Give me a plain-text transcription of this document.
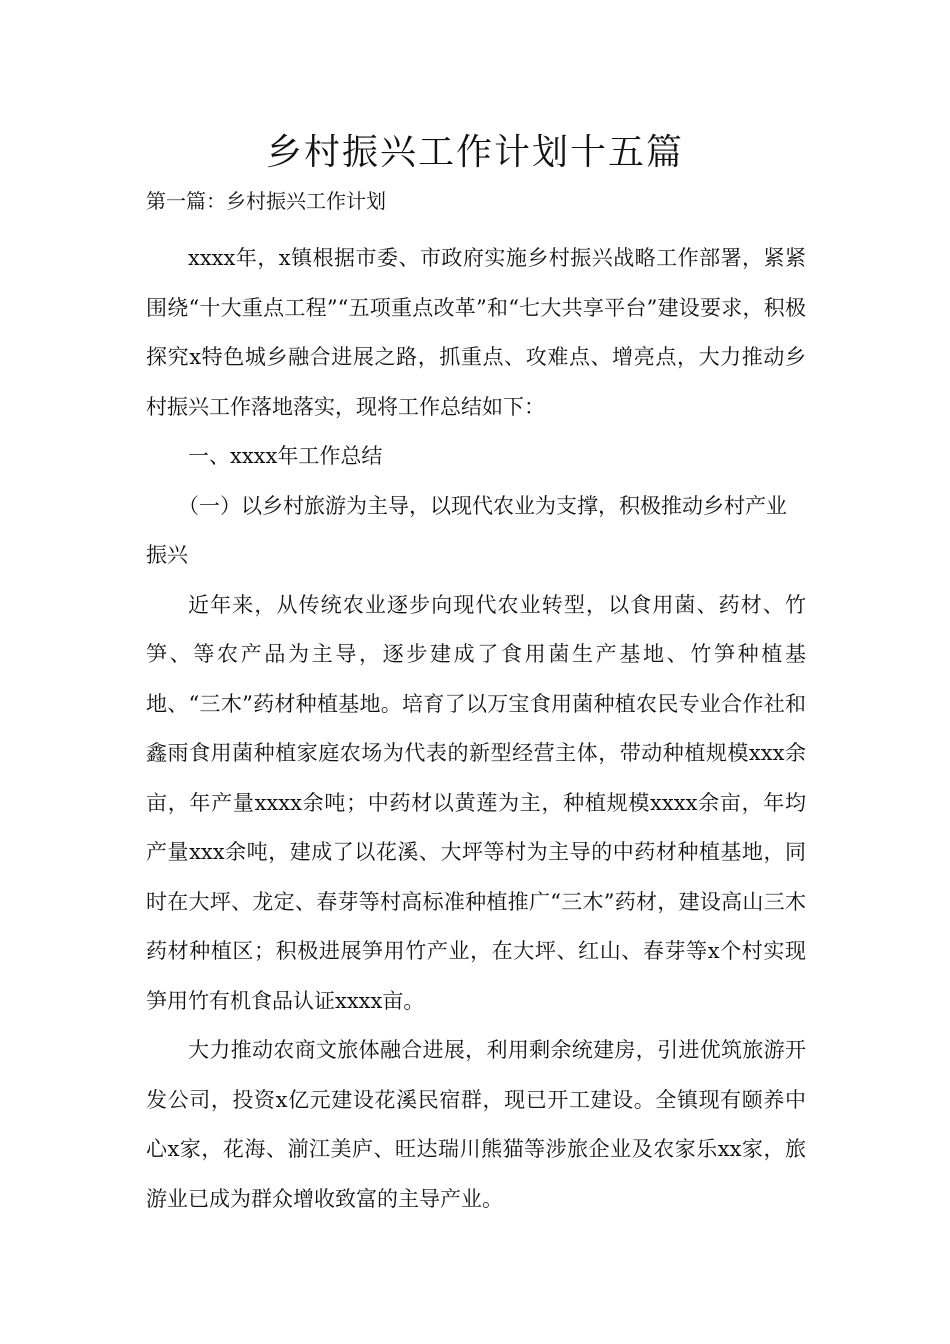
乡村振兴工作计划十五篇

第一篇：乡村振兴工作计划

xxxx年，x镇根据市委、市政府实施乡村振兴战略工作部署，紧紧围绕“十大重点工程”“五项重点改革”和“七大共享平台”建设要求，积极探究x特色城乡融合进展之路，抓重点、攻难点、增亮点，大力推动乡村振兴工作落地落实，现将工作总结如下：

一、xxxx年工作总结

（一）以乡村旅游为主导，以现代农业为支撑，积极推动乡村产业振兴

近年来，从传统农业逐步向现代农业转型，以食用菌、药材、竹笋、等农产品为主导，逐步建成了食用菌生产基地、竹笋种植基地、“三木”药材种植基地。培育了以万宝食用菌种植农民专业合作社和鑫雨食用菌种植家庭农场为代表的新型经营主体，带动种植规模xxx余亩，年产量xxxx余吨；中药材以黄莲为主，种植规模xxxx余亩，年均产量xxx余吨，建成了以花溪、大坪等村为主导的中药材种植基地，同时在大坪、龙定、春芽等村高标准种植推广“三木”药材，建设高山三木药材种植区；积极进展笋用竹产业，在大坪、红山、春芽等x个村实现笋用竹有机食品认证xxxx亩。

大力推动农商文旅体融合进展，利用剩余统建房，引进优筑旅游开发公司，投资x亿元建设花溪民宿群，现已开工建设。全镇现有颐养中心x家，花海、湔江美庐、旺达瑞川熊猫等涉旅企业及农家乐xx家，旅游业已成为群众增收致富的主导产业。
